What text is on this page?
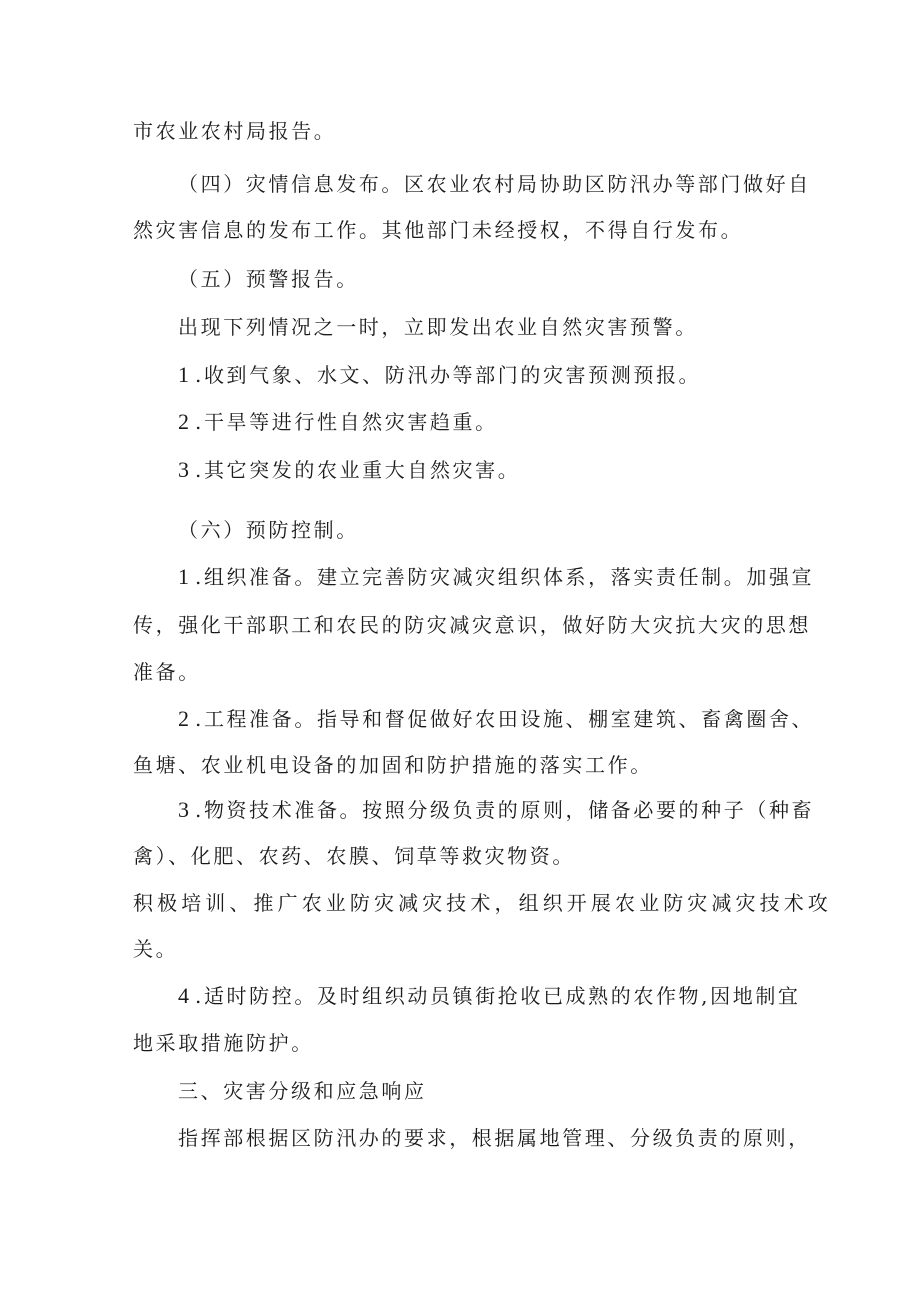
市农业农村局报告。
（四）灾情信息发布。区农业农村局协助区防汛办等部门做好自
然灾害信息的发布工作。其他部门未经授权，不得自行发布。
（五）预警报告。
出现下列情况之一时，立即发出农业自然灾害预警。
1 .收到气象、水文、防汛办等部门的灾害预测预报。
2 .干旱等进行性自然灾害趋重。
3 .其它突发的农业重大自然灾害。
（六）预防控制。
1 .组织准备。建立完善防灾减灾组织体系，落实责任制。加强宣
传，强化干部职工和农民的防灾减灾意识，做好防大灾抗大灾的思想
准备。
2 .工程准备。指导和督促做好农田设施、棚室建筑、畜禽圈舍、
鱼塘、农业机电设备的加固和防护措施的落实工作。
3 .物资技术准备。按照分级负责的原则，储备必要的种子（种畜
禽）、化肥、农药、农膜、饲草等救灾物资。
积极培训、推广农业防灾减灾技术，组织开展农业防灾减灾技术攻
关。
4 .适时防控。及时组织动员镇街抢收已成熟的农作物,因地制宜
地采取措施防护。
三、灾害分级和应急响应
指挥部根据区防汛办的要求，根据属地管理、分级负责的原则，
